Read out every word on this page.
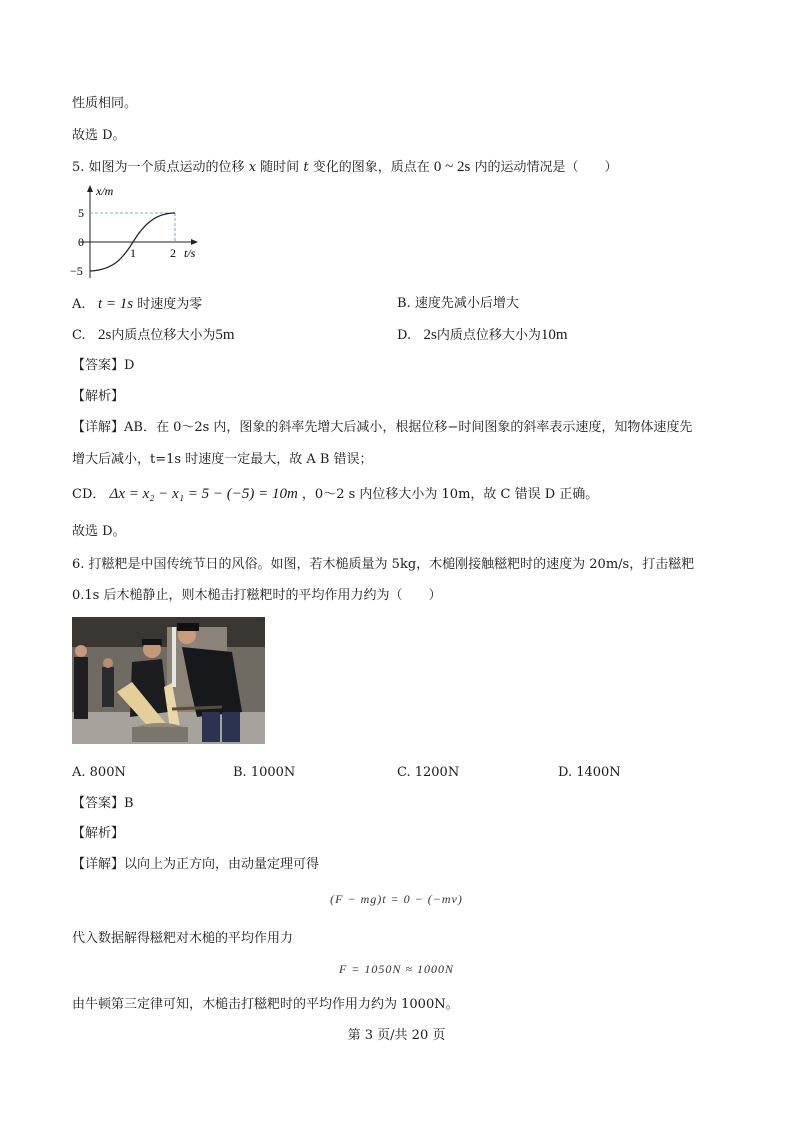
性质相同。
故选 D。
5. 如图为一个质点运动的位移 x 随时间 t 变化的图象，质点在 0 ~ 2s 内的运动情况是（　　）
x/m
t/s
5
0
−5
1	2
A. t = 1s 时速度为零	B. 速度先减小后增大
C. 2s内质点位移大小为5m	D. 2s内质点位移大小为10m
【答案】D
【解析】
【详解】AB．在 0～2s 内，图象的斜率先增大后减小，根据位移−时间图象的斜率表示速度，知物体速度先
增大后减小，t=1s 时速度一定最大，故 A B 错误；
CD． Δx = x₂ − x₁ = 5 − (−5) = 10m ，0～2 s 内位移大小为 10m，故 C 错误 D 正确。
故选 D。
6. 打糍粑是中国传统节日的风俗。如图，若木槌质量为 5kg，木槌刚接触糍粑时的速度为 20m/s，打击糍粑
0.1s 后木槌静止，则木槌击打糍粑时的平均作用力约为（　　）
A. 800N	B. 1000N	C. 1200N	D. 1400N
【答案】B
【解析】
【详解】以向上为正方向，由动量定理可得
(F − mg)t = 0 − (−mv)
代入数据解得糍粑对木槌的平均作用力
F = 1050N ≈ 1000N
由牛顿第三定律可知，木槌击打糍粑时的平均作用力约为 1000N。
第 3 页/共 20 页
